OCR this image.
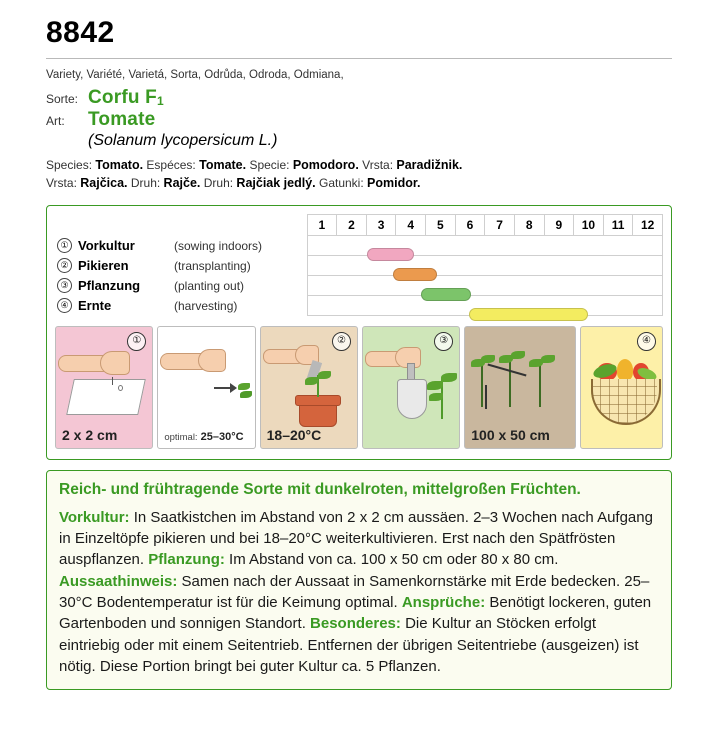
8842
Variety, Variété, Varietá, Sorta, Odrůda, Odroda, Odmiana,
Sorte: Corfu F1
Art:	Tomate
(Solanum lycopersicum L.)
Species: Tomato. Espéces: Tomate. Specie: Pomodoro. Vrsta: Paradižnik.
Vrsta: Rajčica. Druh: Rajče. Druh: Rajčiak jedlý. Gatunki: Pomidor.
	1	2	3	4	5	6	7	8	9	10	11	12
① Vorkultur (sowing indoors)												

② Pikieren (transplanting)												

③ Pflanzung (planting out)												

④ Ernte (harvesting)												
①
2 x 2 cm	optimal: 25–30°C
②
18–20°C
③
100 x 50 cm
④
Reich- und frühtragende Sorte mit dunkelroten, mittelgroßen Früchten.
Vorkultur: In Saatkistchen im Abstand von 2 x 2 cm aussäen. 2–3 Wochen nach Aufgang in Einzeltöpfe pikieren und bei 18–20°C weiterkultivieren. Erst nach den Spätfrösten auspflanzen. Pflanzung: Im Abstand von ca. 100 x 50 cm oder 80 x 80 cm. Aussaathinweis: Samen nach der Aussaat in Samenkornstärke mit Erde bedecken. 25–30°C Bodentemperatur ist für die Keimung optimal. Ansprüche: Benötigt lockeren, guten Gartenboden und sonnigen Standort. Besonderes: Die Kultur an Stöcken erfolgt eintriebig oder mit einem Seitentrieb. Entfernen der übrigen Seitentriebe (ausgeizen) ist nötig. Diese Portion bringt bei guter Kultur ca. 5 Pflanzen.
